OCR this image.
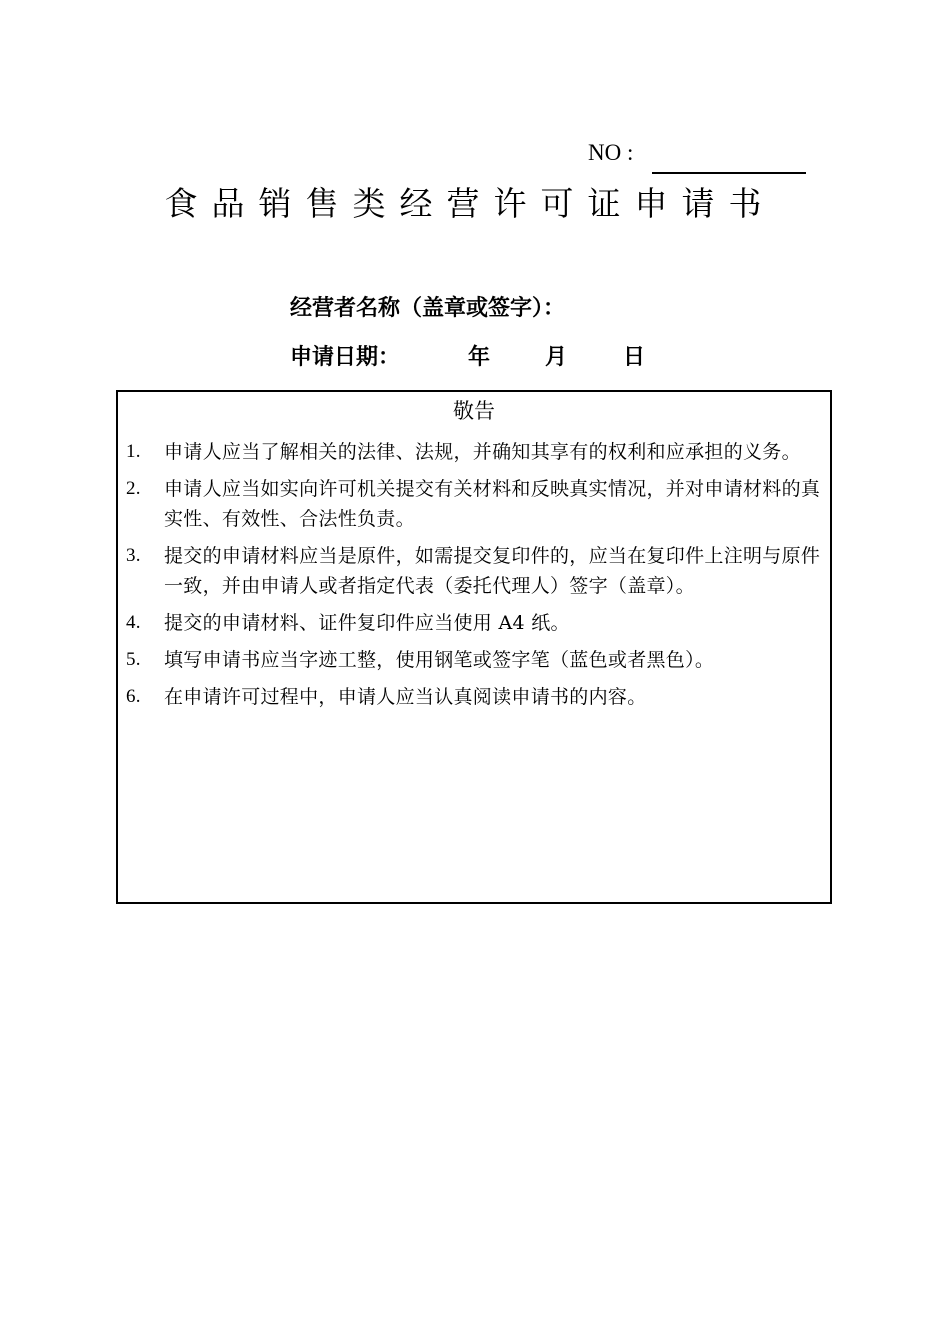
NO :
食品销售类经营许可证申请书
经营者名称（盖章或签字）：
申请日期：	年 月	日
敬告
1. 申请人应当了解相关的法律、法规，并确知其享有的权利和应承担的义务。
2. 申请人应当如实向许可机关提交有关材料和反映真实情况，并对申请材料的真实性、有效性、合法性负责。
3. 提交的申请材料应当是原件，如需提交复印件的，应当在复印件上注明与原件一致，并由申请人或者指定代表（委托代理人）签字（盖章）。
4. 提交的申请材料、证件复印件应当使用 A4 纸。
5. 填写申请书应当字迹工整，使用钢笔或签字笔（蓝色或者黑色）。
6. 在申请许可过程中，申请人应当认真阅读申请书的内容。
